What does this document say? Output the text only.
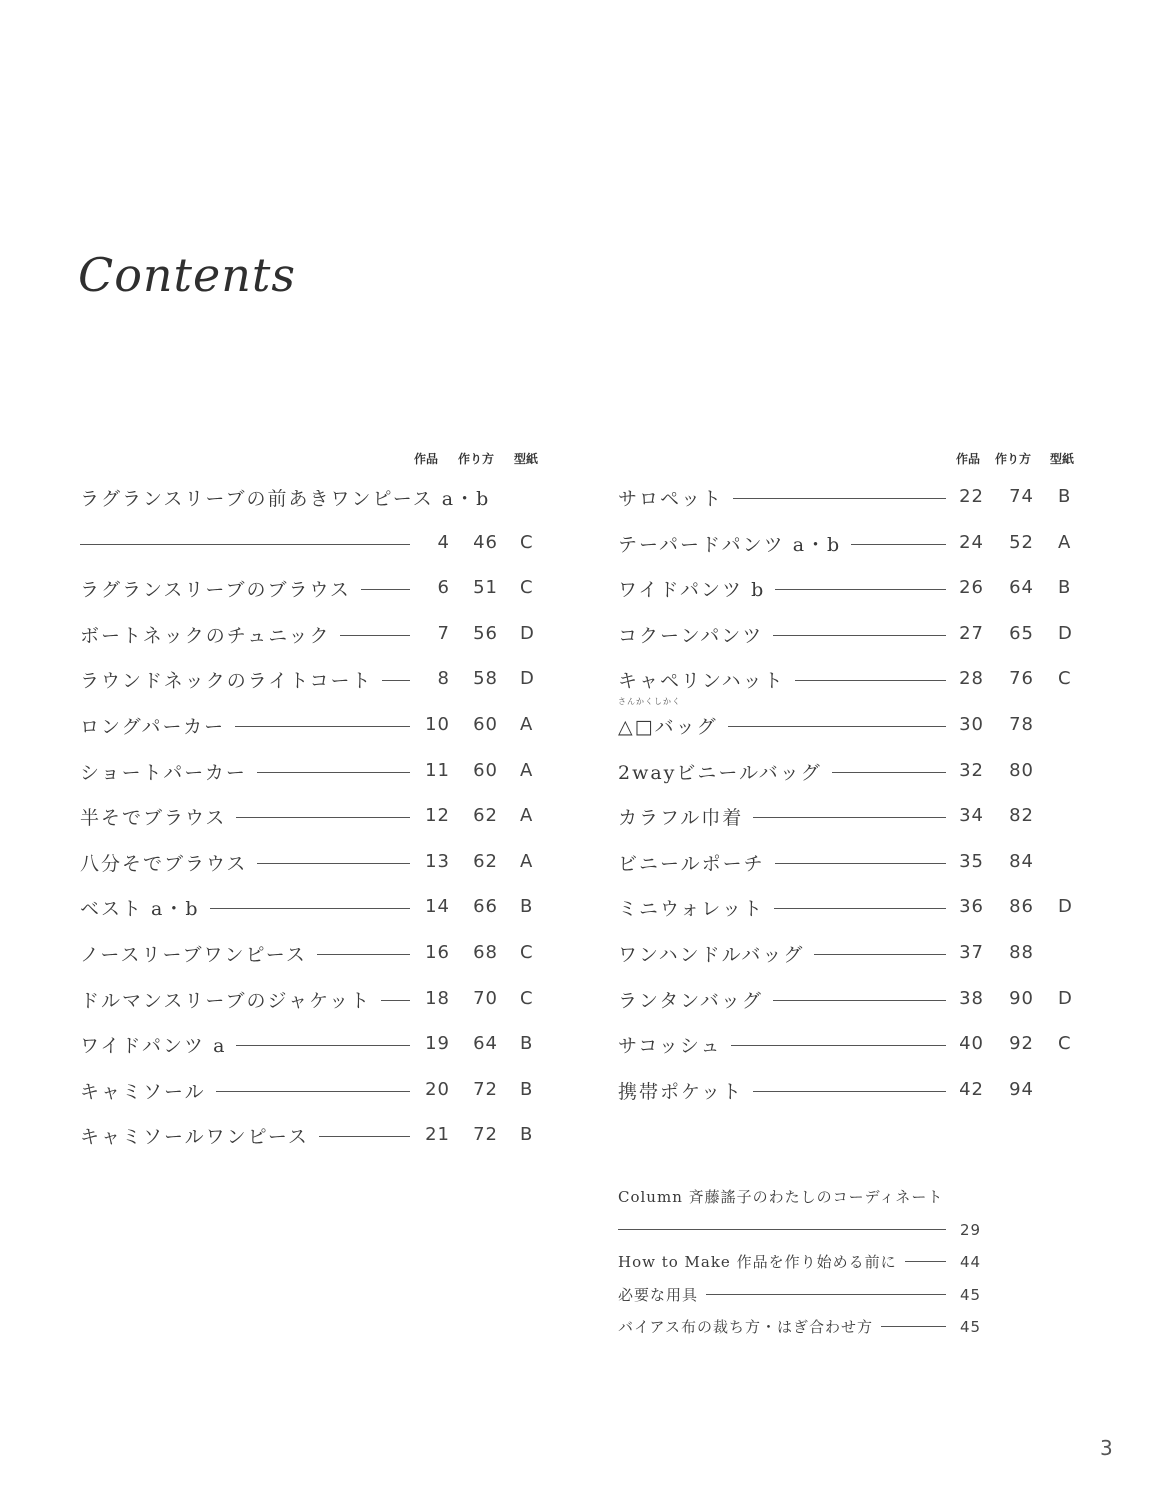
Contents
作品 作り方 型紙
ラグランスリーブの前あきワンピース a・b
4	46 C
ラグランスリーブのブラウス	6	51 C
ボートネックのチュニック	7	56 D
ラウンドネックのライトコート	8	58 D
ロングパーカー	10	60 A
ショートパーカー	11	60 A
半そでブラウス	12	62 A
八分そでブラウス	13	62 A
ベスト a・b	14	66 B
ノースリーブワンピース	16	68 C
ドルマンスリーブのジャケット	18	70 C
ワイドパンツ a	19	64 B
キャミソール	20	72 B
キャミソールワンピース	21	72 B
作品 作り方 型紙
サロペット	22	74 B
テーパードパンツ a・b	24	52 A
ワイドパンツ b	26	64 B
コクーンパンツ	27	65 D
キャペリンハット	28	76 C
△□バッグ
さんかくしかく
30	78
2wayビニールバッグ	32	80
カラフル巾着	34	82
ビニールポーチ	35	84
ミニウォレット	36	86 D
ワンハンドルバッグ	37	88
ランタンバッグ	38	90 D
サコッシュ	40	92 C
携帯ポケット	42	94
Column 斉藤謠子のわたしのコーディネート
29
How to Make 作品を作り始める前に	44
必要な用具	45
バイアス布の裁ち方・はぎ合わせ方	45
3
